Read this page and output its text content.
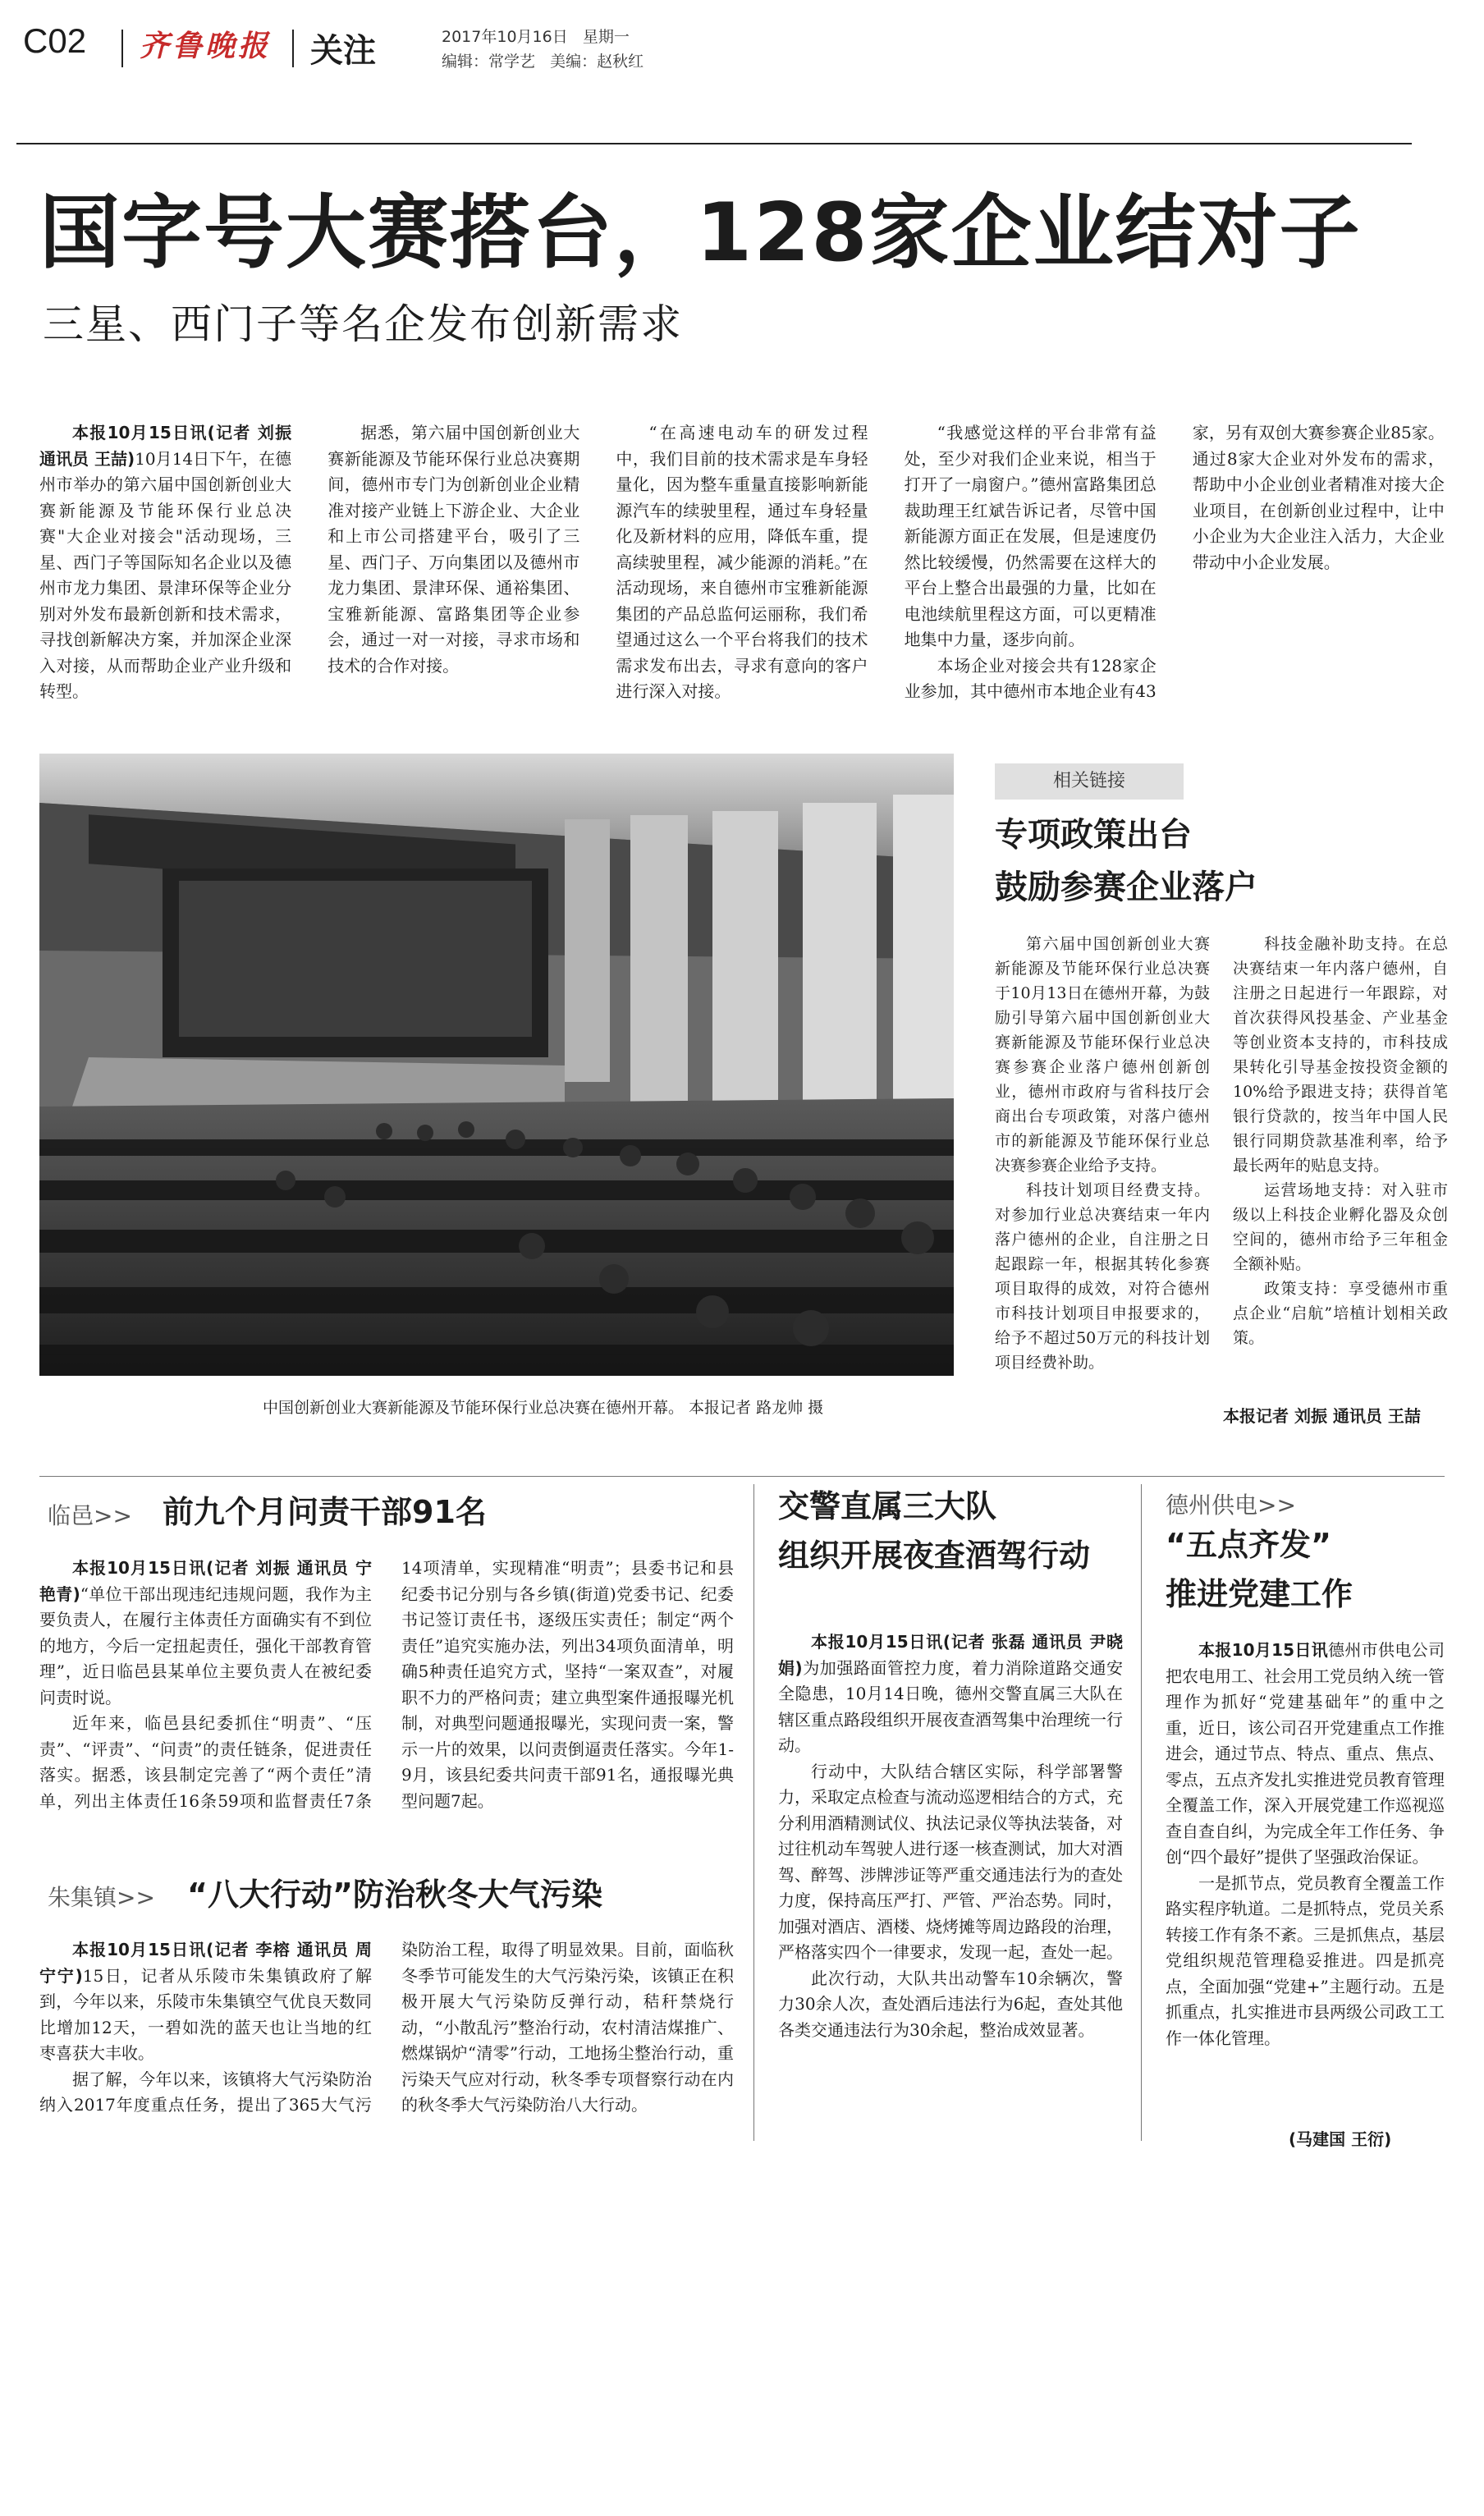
C02 齐鲁晚报 关注	2017年10月16日 星期一
编辑：常学艺 美编：赵秋红
国字号大赛搭台，128家企业结对子
三星、西门子等名企发布创新需求

本报10月15日讯(记者 刘振 通讯员 王喆)10月14日下午，在德州市举办的第六届中国创新创业大赛新能源及节能环保行业总决赛"大企业对接会"活动现场，三星、西门子等国际知名企业以及德州市龙力集团、景津环保等企业分别对外发布最新创新和技术需求，寻找创新解决方案，并加深企业深入对接，从而帮助企业产业升级和转型。

据悉，第六届中国创新创业大赛新能源及节能环保行业总决赛期间，德州市专门为创新创业企业精准对接产业链上下游企业、大企业和上市公司搭建平台，吸引了三星、西门子、万向集团以及德州市龙力集团、景津环保、通裕集团、宝雅新能源、富路集团等企业参会，通过一对一对接，寻求市场和技术的合作对接。

“在高速电动车的研发过程中，我们目前的技术需求是车身轻量化，因为整车重量直接影响新能源汽车的续驶里程，通过车身轻量化及新材料的应用，降低车重，提高续驶里程，减少能源的消耗。”在活动现场，来自德州市宝雅新能源集团的产品总监何运丽称，我们希望通过这么一个平台将我们的技术需求发布出去，寻求有意向的客户进行深入对接。

“我感觉这样的平台非常有益处，至少对我们企业来说，相当于打开了一扇窗户。”德州富路集团总裁助理王红斌告诉记者，尽管中国新能源方面正在发展，但是速度仍然比较缓慢，仍然需要在这样大的平台上整合出最强的力量，比如在电池续航里程这方面，可以更精准地集中力量，逐步向前。

本场企业对接会共有128家企业参加，其中德州市本地企业有43家，另有双创大赛参赛企业85家。通过8家大企业对外发布的需求，帮助中小企业创业者精准对接大企业项目，在创新创业过程中，让中小企业为大企业注入活力，大企业带动中小企业发展。

中国创新创业大赛新能源及节能环保行业总决赛在德州开幕。 本报记者 路龙帅 摄
相关链接
专项政策出台
鼓励参赛企业落户

第六届中国创新创业大赛新能源及节能环保行业总决赛于10月13日在德州开幕，为鼓励引导第六届中国创新创业大赛新能源及节能环保行业总决赛参赛企业落户德州创新创业，德州市政府与省科技厅会商出台专项政策，对落户德州市的新能源及节能环保行业总决赛参赛企业给予支持。

科技计划项目经费支持。对参加行业总决赛结束一年内落户德州的企业，自注册之日起跟踪一年，根据其转化参赛项目取得的成效，对符合德州市科技计划项目申报要求的，给予不超过50万元的科技计划项目经费补助。

科技金融补助支持。在总决赛结束一年内落户德州，自注册之日起进行一年跟踪，对首次获得风投基金、产业基金等创业资本支持的，市科技成果转化引导基金按投资金额的10%给予跟进支持；获得首笔银行贷款的，按当年中国人民银行同期贷款基准利率，给予最长两年的贴息支持。

运营场地支持：对入驻市级以上科技企业孵化器及众创空间的，德州市给予三年租金全额补贴。

政策支持：享受德州市重点企业“启航”培植计划相关政策。

本报记者 刘振 通讯员 王喆
临邑>> 前九个月问责干部91名

本报10月15日讯(记者 刘振 通讯员 宁艳青)“单位干部出现违纪违规问题，我作为主要负责人，在履行主体责任方面确实有不到位的地方，今后一定扭起责任，强化干部教育管理”，近日临邑县某单位主要负责人在被纪委问责时说。

近年来，临邑县纪委抓住“明责”、“压责”、“评责”、“问责”的责任链条，促进责任落实。据悉，该县制定完善了“两个责任”清单，列出主体责任16条59项和监督责任7条14项清单，实现精准“明责”；县委书记和县纪委书记分别与各乡镇(街道)党委书记、纪委书记签订责任书，逐级压实责任；制定“两个责任”追究实施办法，列出34项负面清单，明确5种责任追究方式，坚持“一案双查”，对履职不力的严格问责；建立典型案件通报曝光机制，对典型问题通报曝光，实现问责一案，警示一片的效果，以问责倒逼责任落实。今年1-9月，该县纪委共问责干部91名，通报曝光典型问题7起。

朱集镇>> “八大行动”防治秋冬大气污染

本报10月15日讯(记者 李榕 通讯员 周宁宁)15日，记者从乐陵市朱集镇政府了解到，今年以来，乐陵市朱集镇空气优良天数同比增加12天，一碧如洗的蓝天也让当地的红枣喜获大丰收。

据了解，今年以来，该镇将大气污染防治纳入2017年度重点任务，提出了365大气污染防治工程，取得了明显效果。目前，面临秋冬季节可能发生的大气污染污染，该镇正在积极开展大气污染防反弹行动，秸秆禁烧行动，“小散乱污”整治行动，农村清洁煤推广、燃煤锅炉“清零”行动，工地扬尘整治行动，重污染天气应对行动，秋冬季专项督察行动在内的秋冬季大气污染防治八大行动。

交警直属三大队
组织开展夜查酒驾行动

本报10月15日讯(记者 张磊 通讯员 尹晓娟)为加强路面管控力度，着力消除道路交通安全隐患，10月14日晚，德州交警直属三大队在辖区重点路段组织开展夜查酒驾集中治理统一行动。

行动中，大队结合辖区实际，科学部署警力，采取定点检查与流动巡逻相结合的方式，充分利用酒精测试仪、执法记录仪等执法装备，对过往机动车驾驶人进行逐一核查测试，加大对酒驾、醉驾、涉牌涉证等严重交通违法行为的查处力度，保持高压严打、严管、严治态势。同时，加强对酒店、酒楼、烧烤摊等周边路段的治理，严格落实四个一律要求，发现一起，查处一起。

此次行动，大队共出动警车10余辆次，警力30余人次，查处酒后违法行为6起，查处其他各类交通违法行为30余起，整治成效显著。

德州供电>>
“五点齐发”
推进党建工作

本报10月15日讯德州市供电公司把农电用工、社会用工党员纳入统一管理作为抓好“党建基础年”的重中之重，近日，该公司召开党建重点工作推进会，通过节点、特点、重点、焦点、零点，五点齐发扎实推进党员教育管理全覆盖工作，深入开展党建工作巡视巡查自查自纠，为完成全年工作任务、争创“四个最好”提供了坚强政治保证。

一是抓节点，党员教育全覆盖工作路实程序轨道。二是抓特点，党员关系转接工作有条不紊。三是抓焦点，基层党组织规范管理稳妥推进。四是抓亮点，全面加强“党建+”主题行动。五是抓重点，扎实推进市县两级公司政工工作一体化管理。

(马建国 王衍)
